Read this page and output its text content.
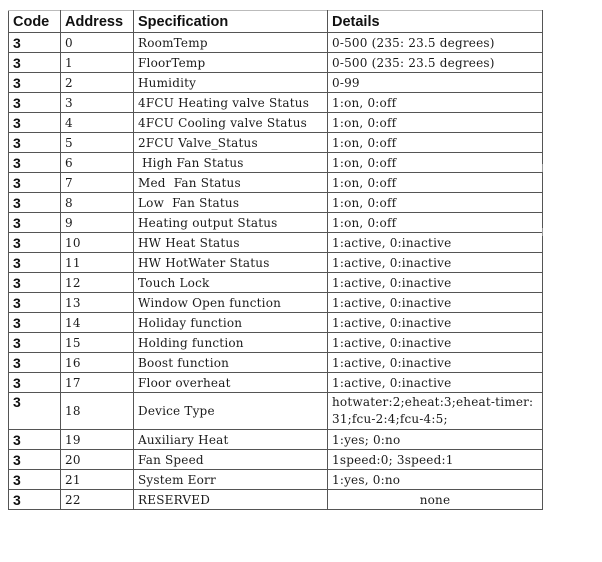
Code	Address	Specification	Details
3	0	RoomTemp	0-500 (235: 23.5 degrees)
3	1	FloorTemp	0-500 (235: 23.5 degrees)
3	2	Humidity	0-99
3	3	4FCU Heating valve Status	1:on, 0:off
3	4	4FCU Cooling valve Status	1:on, 0:off
3	5	2FCU Valve_Status	1:on, 0:off
3	6	High Fan Status	1:on, 0:off
3	7	Med  Fan Status	1:on, 0:off
3	8	Low  Fan Status	1:on, 0:off
3	9	Heating output Status	1:on, 0:off
3	10	HW Heat Status	1:active, 0:inactive
3	11	HW HotWater Status	1:active, 0:inactive
3	12	Touch Lock	1:active, 0:inactive
3	13	Window Open function	1:active, 0:inactive
3	14	Holiday function	1:active, 0:inactive
3	15	Holding function	1:active, 0:inactive
3	16	Boost function	1:active, 0:inactive
3	17	Floor overheat	1:active, 0:inactive
3	18	Device Type	hotwater:2;eheat:3;eheat-timer:31;fcu-2:4;fcu-4:5;
3	19	Auxiliary Heat	1:yes; 0:no
3	20	Fan Speed	1speed:0; 3speed:1
3	21	System Eorr	1:yes, 0:no
3	22	RESERVED	none
